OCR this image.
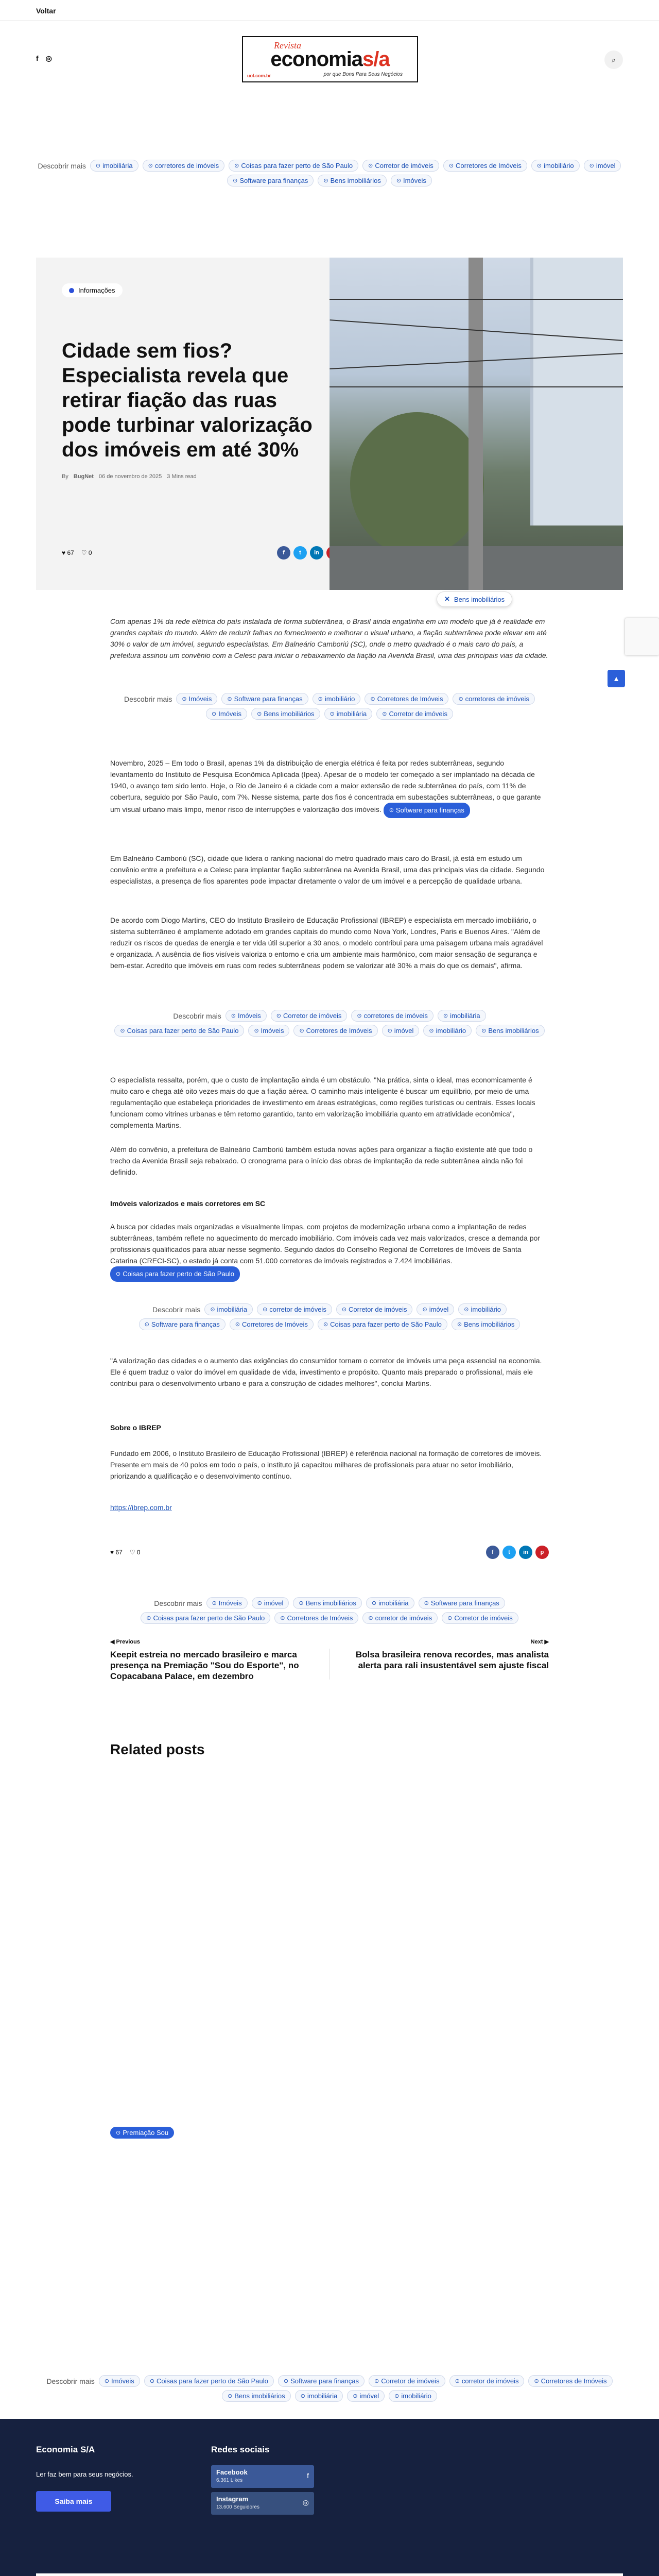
Voltar
f ◎
Revista
economias/a
por que Bons Para Seus Negócios
uol.com.br
⌕
Descobrir mais	⊙ imobiliária	⊙ corretores de imóveis	⊙ Coisas para fazer perto de São Paulo	⊙ Corretor de imóveis	⊙ Corretores de Imóveis	⊙ imobiliário	⊙ imóvel
⊙ Software para finanças	⊙ Bens imobiliários	⊙ Imóveis
Informações
Cidade sem fios? Especialista revela que retirar fiação das ruas pode turbinar valorização dos imóveis em até 30%
By BugNet 06 de novembro de 2025 3 Mins read
♥ 67 ♡ 0	f	t	in
✕ Bens imobiliários
▲

Com apenas 1% da rede elétrica do país instalada de forma subterrânea, o Brasil ainda engatinha em um modelo que já é realidade em grandes capitais do mundo. Além de reduzir falhas no fornecimento e melhorar o visual urbano, a fiação subterrânea pode elevar em até 30% o valor de um imóvel, segundo especialistas. Em Balneário Camboriú (SC), onde o metro quadrado é o mais caro do país, a prefeitura assinou um convênio com a Celesc para iniciar o rebaixamento da fiação na Avenida Brasil, uma das principais vias da cidade.

Descobrir mais	⊙ Imóveis	⊙ Software para finanças	⊙ imobiliário	⊙ Corretores de Imóveis	⊙ corretores de imóveis
⊙ Imóveis	⊙ Bens imobiliários	⊙ imobiliária	⊙ Corretor de imóveis

Novembro, 2025 – Em todo o Brasil, apenas 1% da distribuição de energia elétrica é feita por redes subterrâneas, segundo levantamento do Instituto de Pesquisa Econômica Aplicada (Ipea). Apesar de o modelo ter começado a ser implantado na década de 1940, o avanço tem sido lento. Hoje, o Rio de Janeiro é a cidade com a maior extensão de rede subterrânea do país, com 11% de cobertura, seguido por São Paulo, com 7%. Nesse sistema, parte dos fios é concentrada em subestações subterrâneas, o que garante um visual urbano mais limpo, menor risco de interrupções e valorização dos imóveis. ⊙ Software para finanças

Em Balneário Camboriú (SC), cidade que lidera o ranking nacional do metro quadrado mais caro do Brasil, já está em estudo um convênio entre a prefeitura e a Celesc para implantar fiação subterrânea na Avenida Brasil, uma das principais vias da cidade. Segundo especialistas, a presença de fios aparentes pode impactar diretamente o valor de um imóvel e a percepção de qualidade urbana.

De acordo com Diogo Martins, CEO do Instituto Brasileiro de Educação Profissional (IBREP) e especialista em mercado imobiliário, o sistema subterrâneo é amplamente adotado em grandes capitais do mundo como Nova York, Londres, Paris e Buenos Aires. "Além de reduzir os riscos de quedas de energia e ter vida útil superior a 30 anos, o modelo contribui para uma paisagem urbana mais agradável e organizada. A ausência de fios visíveis valoriza o entorno e cria um ambiente mais harmônico, com maior sensação de segurança e bem-estar. Acredito que imóveis em ruas com redes subterrâneas podem se valorizar até 30% a mais do que os demais", afirma.

Descobrir mais	⊙ Imóveis	⊙ Corretor de imóveis	⊙ corretores de imóveis	⊙ imobiliária
⊙ Coisas para fazer perto de São Paulo	⊙ Imóveis	⊙ Corretores de Imóveis	⊙ imóvel	⊙ imobiliário	⊙ Bens imobiliários

O especialista ressalta, porém, que o custo de implantação ainda é um obstáculo. "Na prática, sinta o ideal, mas economicamente é muito caro e chega até oito vezes mais do que a fiação aérea. O caminho mais inteligente é buscar um equilíbrio, por meio de uma regulamentação que estabeleça prioridades de investimento em áreas estratégicas, como regiões turísticas ou centrais. Esses locais funcionam como vitrines urbanas e têm retorno garantido, tanto em valorização imobiliária quanto em atratividade econômica", complementa Martins.

Além do convênio, a prefeitura de Balneário Camboriú também estuda novas ações para organizar a fiação existente até que todo o trecho da Avenida Brasil seja rebaixado. O cronograma para o início das obras de implantação da rede subterrânea ainda não foi definido.

Imóveis valorizados e mais corretores em SC

A busca por cidades mais organizadas e visualmente limpas, com projetos de modernização urbana como a implantação de redes subterrâneas, também reflete no aquecimento do mercado imobiliário. Com imóveis cada vez mais valorizados, cresce a demanda por profissionais qualificados para atuar nesse segmento. Segundo dados do Conselho Regional de Corretores de Imóveis de Santa Catarina (CRECI-SC), o estado já conta com 51.000 corretores de imóveis registrados e 7.424 imobiliárias. ⊙ Coisas para fazer perto de São Paulo

Descobrir mais	⊙ imobiliária	⊙ corretor de imóveis	⊙ Corretor de imóveis	⊙ imóvel	⊙ imobiliário
⊙ Software para finanças	⊙ Corretores de Imóveis	⊙ Coisas para fazer perto de São Paulo	⊙ Bens imobiliários

"A valorização das cidades e o aumento das exigências do consumidor tornam o corretor de imóveis uma peça essencial na economia. Ele é quem traduz o valor do imóvel em qualidade de vida, investimento e propósito. Quanto mais preparado o profissional, mais ele contribui para o desenvolvimento urbano e para a construção de cidades melhores", conclui Martins.

Sobre o IBREP

Fundado em 2006, o Instituto Brasileiro de Educação Profissional (IBREP) é referência nacional na formação de corretores de imóveis. Presente em mais de 40 polos em todo o país, o instituto já capacitou milhares de profissionais para atuar no setor imobiliário, priorizando a qualificação e o desenvolvimento contínuo.

https://ibrep.com.br
♥ 67 ♡ 0	f	t	in	p
Descobrir mais	⊙ Imóveis	⊙ imóvel	⊙ Bens imobiliários	⊙ imobiliária	⊙ Software para finanças
⊙ Coisas para fazer perto de São Paulo	⊙ Corretores de Imóveis	⊙ corretor de imóveis	⊙ Corretor de imóveis
◀ Previous
Keepit estreia no mercado brasileiro e marca presença na Premiação "Sou do Esporte", no Copacabana Palace, em dezembro
Next ▶
Bolsa brasileira renova recordes, mas analista alerta para rali insustentável sem ajuste fiscal
Related posts
⊙ Premiação Sou
Descobrir mais	⊙ Imóveis	⊙ Coisas para fazer perto de São Paulo	⊙ Software para finanças	⊙ Corretor de imóveis	⊙ corretor de imóveis	⊙ Corretores de Imóveis
⊙ Bens imobiliários	⊙ imobiliária	⊙ imóvel	⊙ imobiliário
Economia S/A
Ler faz bem para seus negócios.
Saiba mais
Redes sociais
Facebook
6.361 Likes
f
Instagram
13.600 Seguidores
◎
